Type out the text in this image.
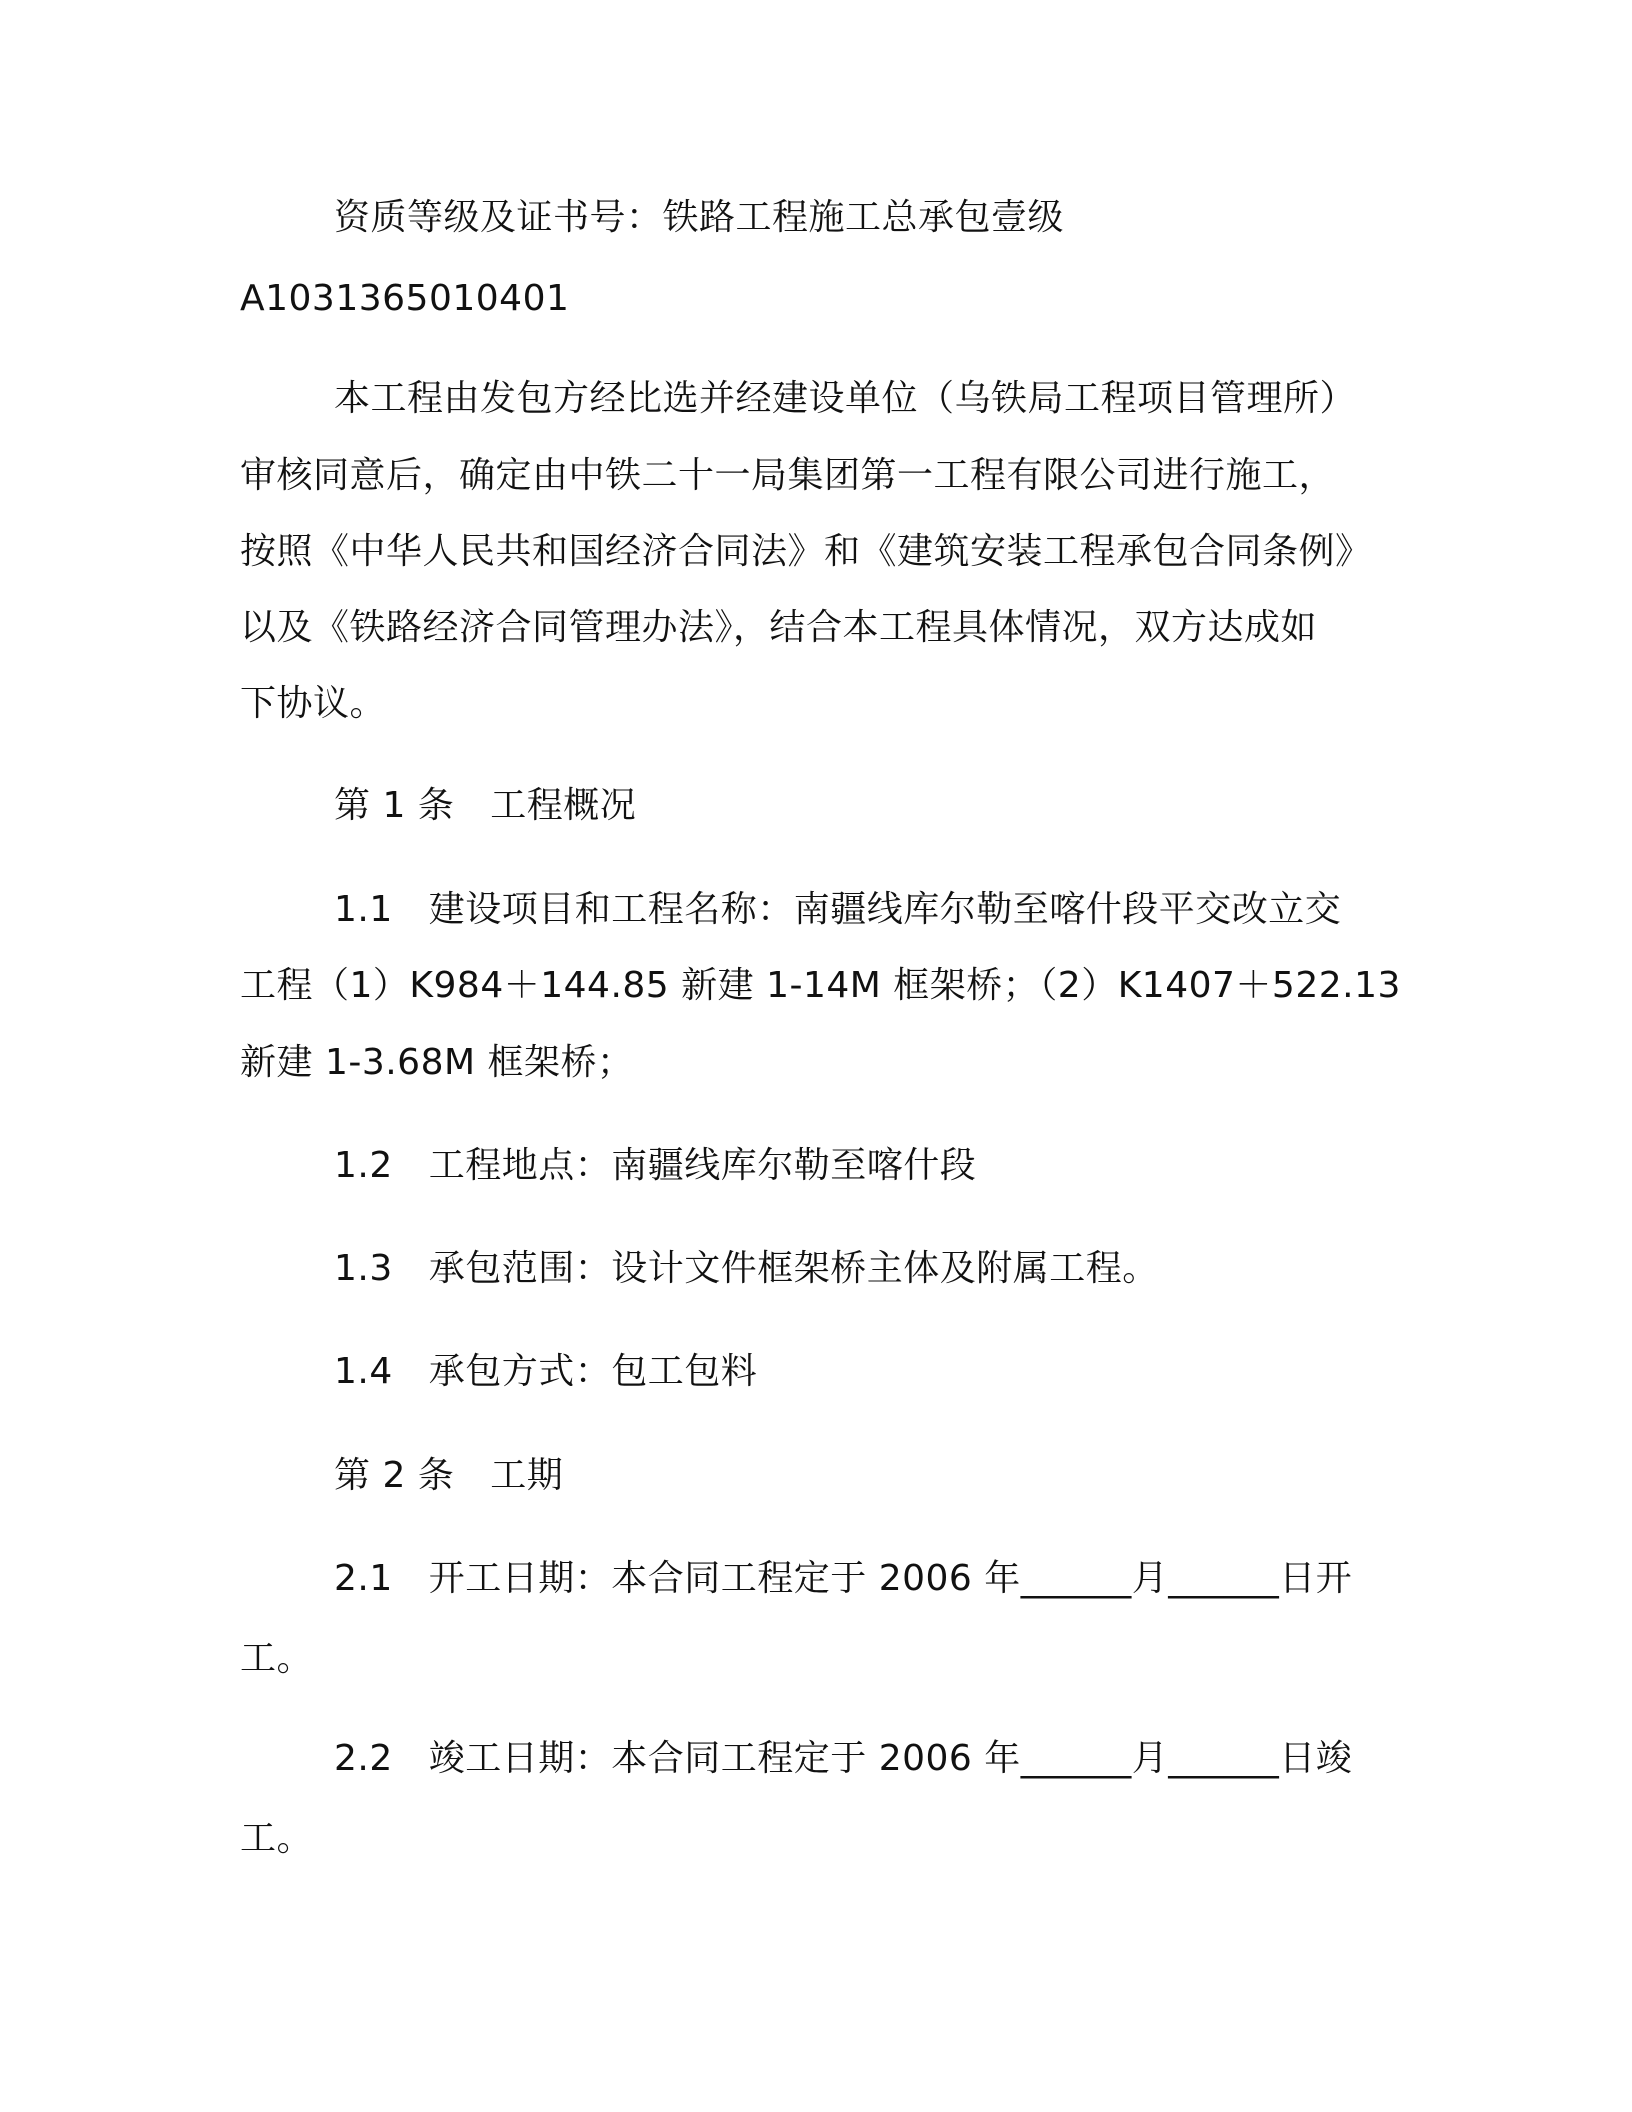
资质等级及证书号：铁路工程施工总承包壹级
A1031365010401
本工程由发包方经比选并经建设单位（乌铁局工程项目管理所）
审核同意后，确定由中铁二十一局集团第一工程有限公司进行施工，
按照《中华人民共和国经济合同法》和《建筑安装工程承包合同条例》
以及《铁路经济合同管理办法》，结合本工程具体情况，双方达成如
下协议。
第 1 条 工程概况
1.1 建设项目和工程名称：南疆线库尔勒至喀什段平交改立交
工程（1）K984＋144.85 新建 1-14M 框架桥；（2）K1407＋522.13
新建 1-3.68M 框架桥；
1.2 工程地点：南疆线库尔勒至喀什段
1.3 承包范围：设计文件框架桥主体及附属工程。
1.4 承包方式：包工包料
第 2 条 工期
2.1 开工日期：本合同工程定于 2006 年______月______日开
工。
2.2 竣工日期：本合同工程定于 2006 年______月______日竣
工。
